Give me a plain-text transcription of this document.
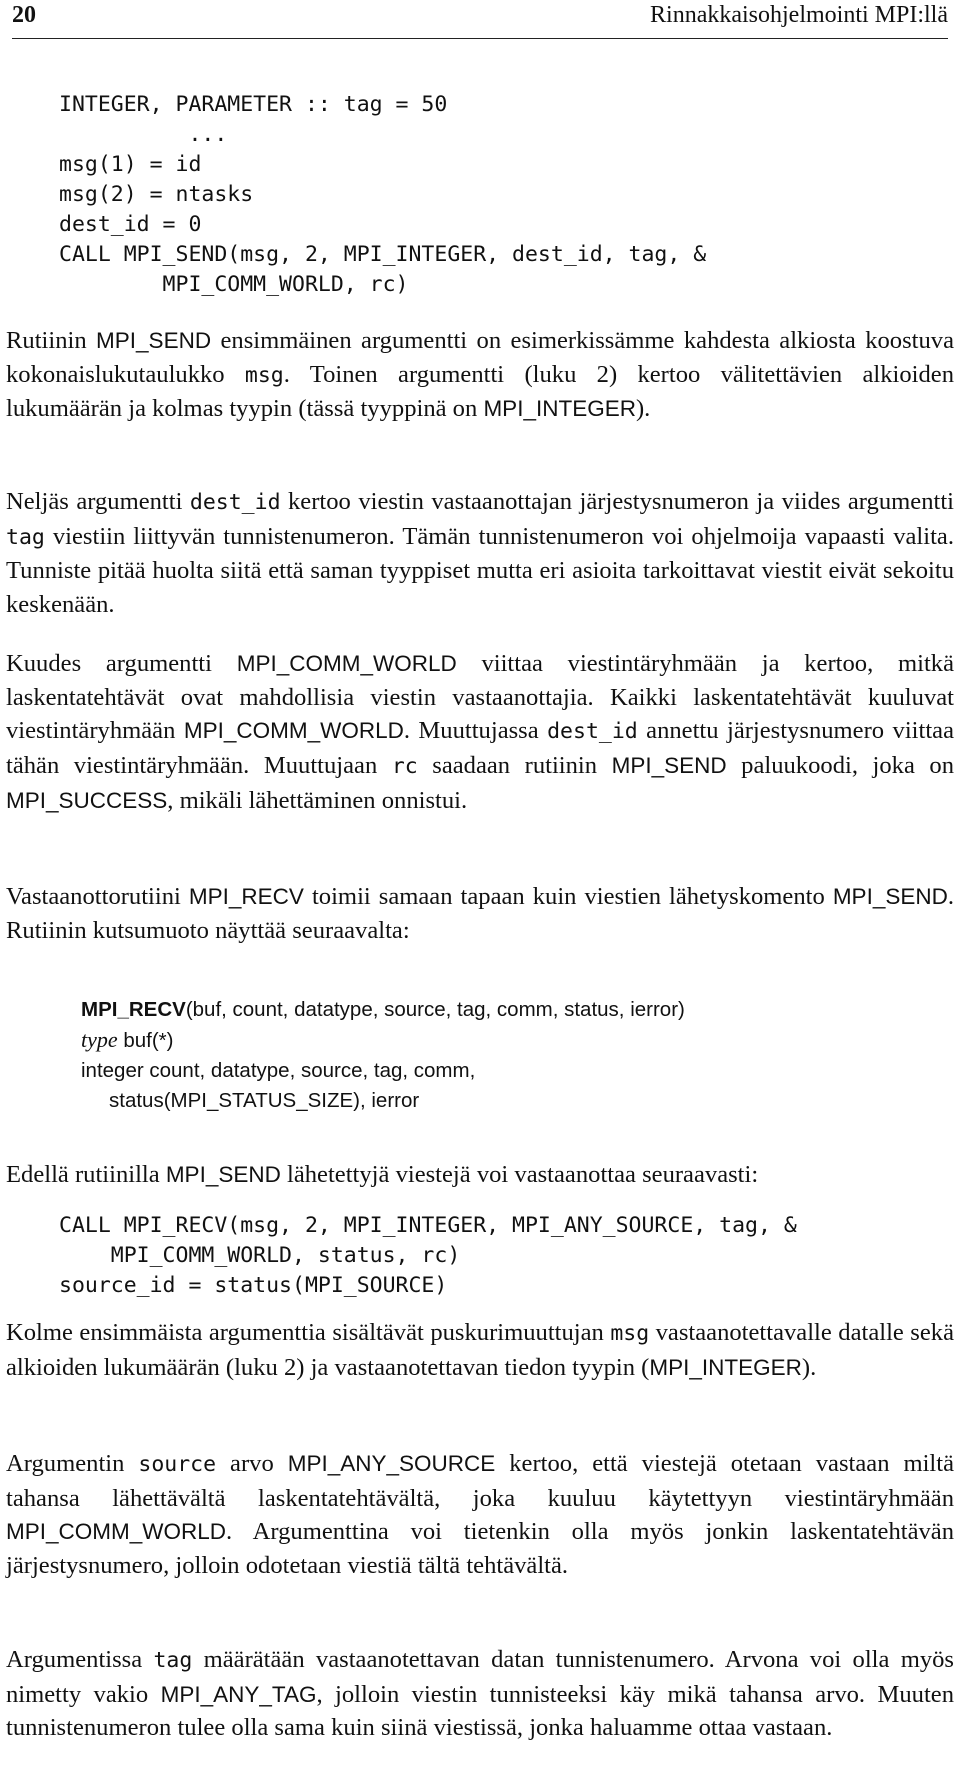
20	Rinnakkaisohjelmointi MPI:llä
INTEGER, PARAMETER :: tag = 50
...
msg(1) = id
msg(2) = ntasks
dest_id = 0
CALL MPI_SEND(msg, 2, MPI_INTEGER, dest_id, tag, &
MPI_COMM_WORLD, rc)

Rutiinin MPI_SEND ensimmäinen argumentti on esimerkissämme kahdesta alkiosta koostuva kokonaislukutaulukko msg. Toinen argumentti (luku 2) kertoo välitettävien alkioiden lukumäärän ja kolmas tyypin (tässä tyyppinä on MPI_INTEGER).

Neljäs argumentti dest_id kertoo viestin vastaanottajan järjestysnumeron ja viides argumentti tag viestiin liittyvän tunnistenumeron. Tämän tunnistenumeron voi ohjelmoija vapaasti valita. Tunniste pitää huolta siitä että saman tyyppiset mutta eri asioita tarkoittavat viestit eivät sekoitu keskenään.

Kuudes argumentti MPI_COMM_WORLD viittaa viestintäryhmään ja kertoo, mitkä laskentatehtävät ovat mahdollisia viestin vastaanottajia. Kaikki laskentatehtävät kuuluvat viestintäryhmään MPI_COMM_WORLD. Muuttujassa dest_id annettu järjestysnumero viittaa tähän viestintäryhmään. Muuttujaan rc saadaan rutiinin MPI_SEND paluukoodi, joka on MPI_SUCCESS, mikäli lähettäminen onnistui.

Vastaanottorutiini MPI_RECV toimii samaan tapaan kuin viestien lähetyskomento MPI_SEND. Rutiinin kutsumuoto näyttää seuraavalta:

MPI_RECV(buf, count, datatype, source, tag, comm, status, ierror)
type buf(*)
integer count, datatype, source, tag, comm,
status(MPI_STATUS_SIZE), ierror

Edellä rutiinilla MPI_SEND lähetettyjä viestejä voi vastaanottaa seuraavasti:

CALL MPI_RECV(msg, 2, MPI_INTEGER, MPI_ANY_SOURCE, tag, &
MPI_COMM_WORLD, status, rc)
source_id = status(MPI_SOURCE)

Kolme ensimmäista argumenttia sisältävät puskurimuuttujan msg vastaanotettavalle datalle sekä alkioiden lukumäärän (luku 2) ja vastaanotettavan tiedon tyypin (MPI_INTEGER).

Argumentin source arvo MPI_ANY_SOURCE kertoo, että viestejä otetaan vastaan miltä tahansa lähettävältä laskentatehtävältä, joka kuuluu käytettyyn viestintäryhmään MPI_COMM_WORLD. Argumenttina voi tietenkin olla myös jonkin laskentatehtävän järjestysnumero, jolloin odotetaan viestiä tältä tehtävältä.

Argumentissa tag määrätään vastaanotettavan datan tunnistenumero. Arvona voi olla myös nimetty vakio MPI_ANY_TAG, jolloin viestin tunnisteeksi käy mikä tahansa arvo. Muuten tunnistenumeron tulee olla sama kuin siinä viestissä, jonka haluamme ottaa vastaan.
